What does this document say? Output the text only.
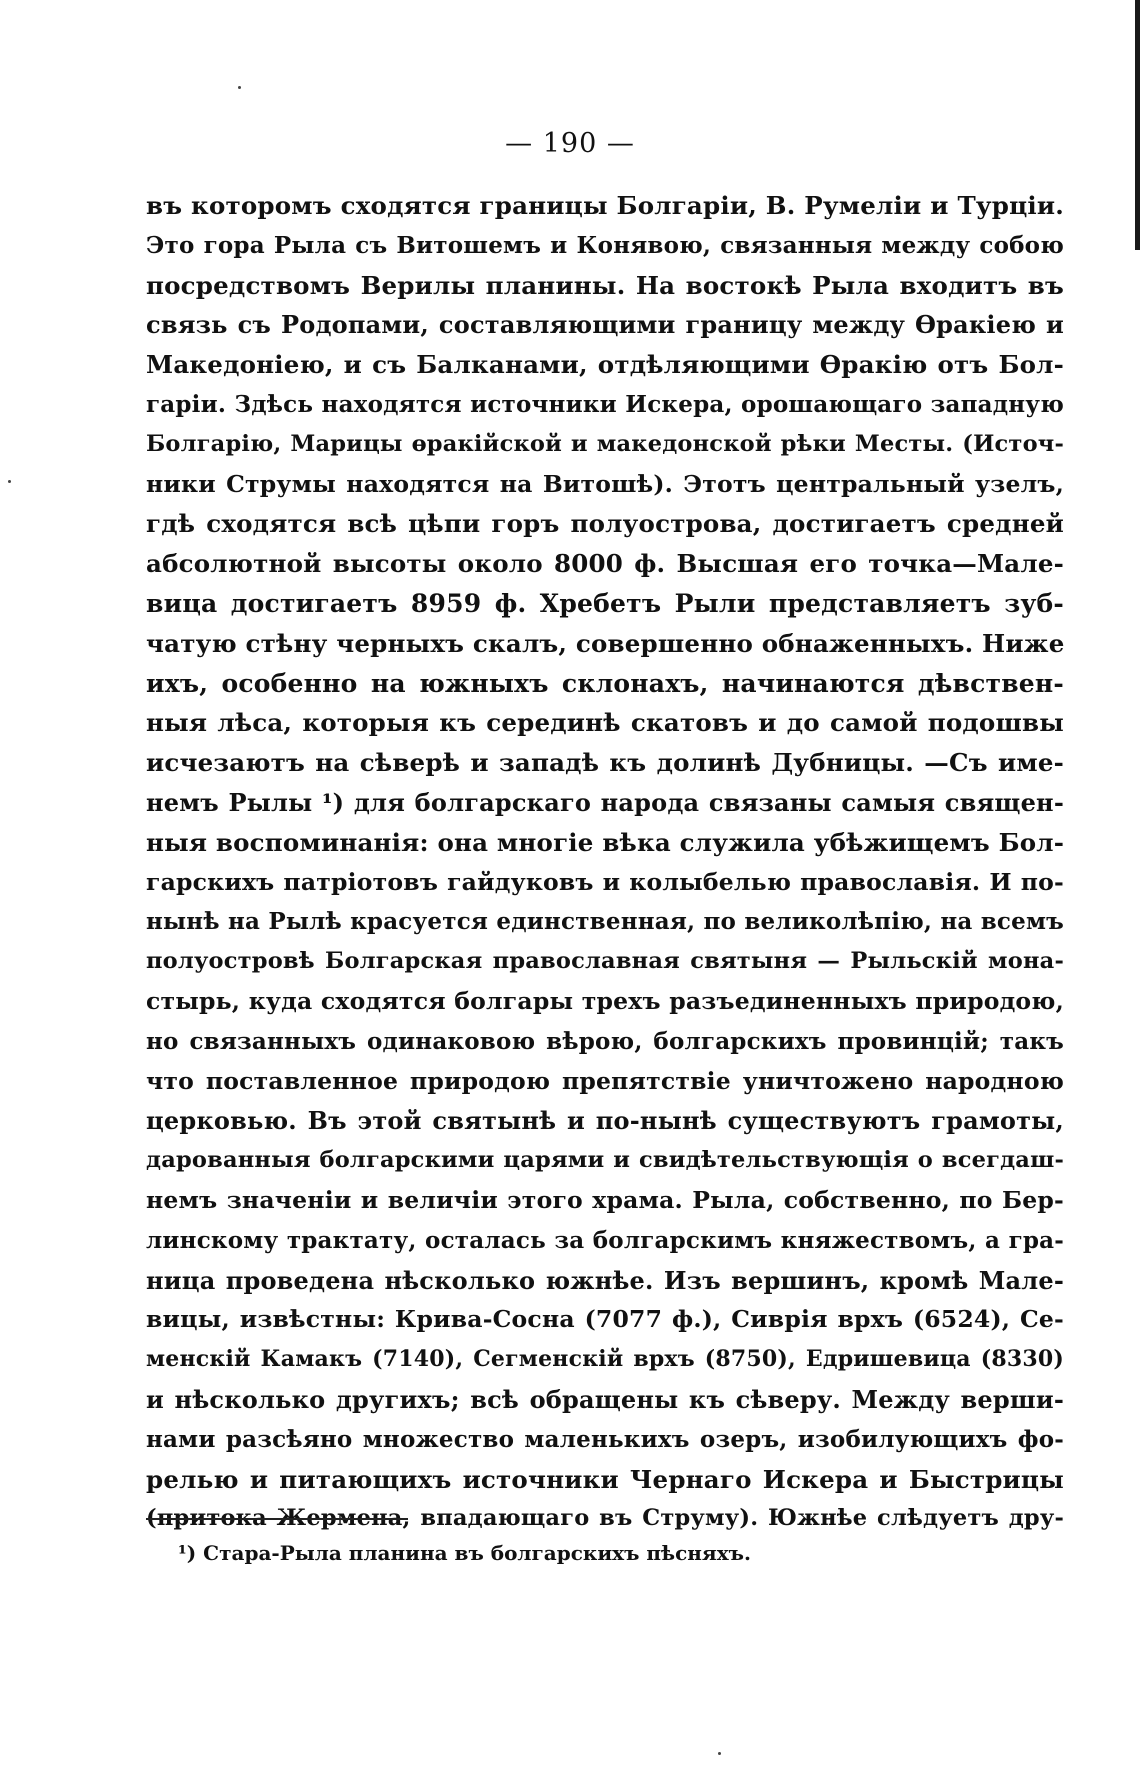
— 190 —
въ которомъ сходятся границы Болгаріи, В. Румеліи и Турціи.
Это гора Рыла съ Витошемъ и Конявою, связанныя между собою
посредствомъ Верилы планины. На востокѣ Рыла входитъ въ
связь съ Родопами, составляющими границу между Өракіею и
Македоніею, и съ Балканами, отдѣляющими Өракію отъ Бол-
гаріи. Здѣсь находятся источники Искера, орошающаго западную
Болгарію, Марицы өракійской и македонской рѣки Месты. (Источ-
ники Струмы находятся на Витошѣ). Этотъ центральный узелъ,
гдѣ сходятся всѣ цѣпи горъ полуострова, достигаетъ средней
абсолютной высоты около 8000 ф. Высшая его точка—Мале-
вица достигаетъ 8959 ф. Хребетъ Рыли представляетъ зуб-
чатую стѣну черныхъ скалъ, совершенно обнаженныхъ. Ниже
ихъ, особенно на южныхъ склонахъ, начинаются дѣвствен-
ныя лѣса, которыя къ серединѣ скатовъ и до самой подошвы
исчезаютъ на сѣверѣ и западѣ къ долинѣ Дубницы. —Съ име-
немъ Рылы ¹) для болгарскаго народа связаны самыя священ-
ныя воспоминанія: она многіе вѣка служила убѣжищемъ Бол-
гарскихъ патріотовъ гайдуковъ и колыбелью православія. И по-
нынѣ на Рылѣ красуется единственная, по великолѣпію, на всемъ
полуостровѣ Болгарская православная святыня — Рыльскій мона-
стырь, куда сходятся болгары трехъ разъединенныхъ природою,
но связанныхъ одинаковою вѣрою, болгарскихъ провинцій; такъ
что поставленное природою препятствіе уничтожено народною
церковью. Въ этой святынѣ и по-нынѣ существуютъ грамоты,
дарованныя болгарскими царями и свидѣтельствующія о всегдаш-
немъ значеніи и величіи этого храма. Рыла, собственно, по Бер-
линскому трактату, осталась за болгарскимъ княжествомъ, а гра-
ница проведена нѣсколько южнѣе. Изъ вершинъ, кромѣ Мале-
вицы, извѣстны: Крива-Сосна (7077 ф.), Сиврія врхъ (6524), Се-
менскій Камакъ (7140), Сегменскій врхъ (8750), Едришевица (8330)
и нѣсколько другихъ; всѣ обращены къ сѣверу. Между верши-
нами разсѣяно множество маленькихъ озеръ, изобилующихъ фо-
релью и питающихъ источники Чернаго Искера и Быстрицы
(притока Жермена, впадающаго въ Струму). Южнѣе слѣдуетъ дру-
¹) Стара-Рыла планина въ болгарскихъ пѣсняхъ.
